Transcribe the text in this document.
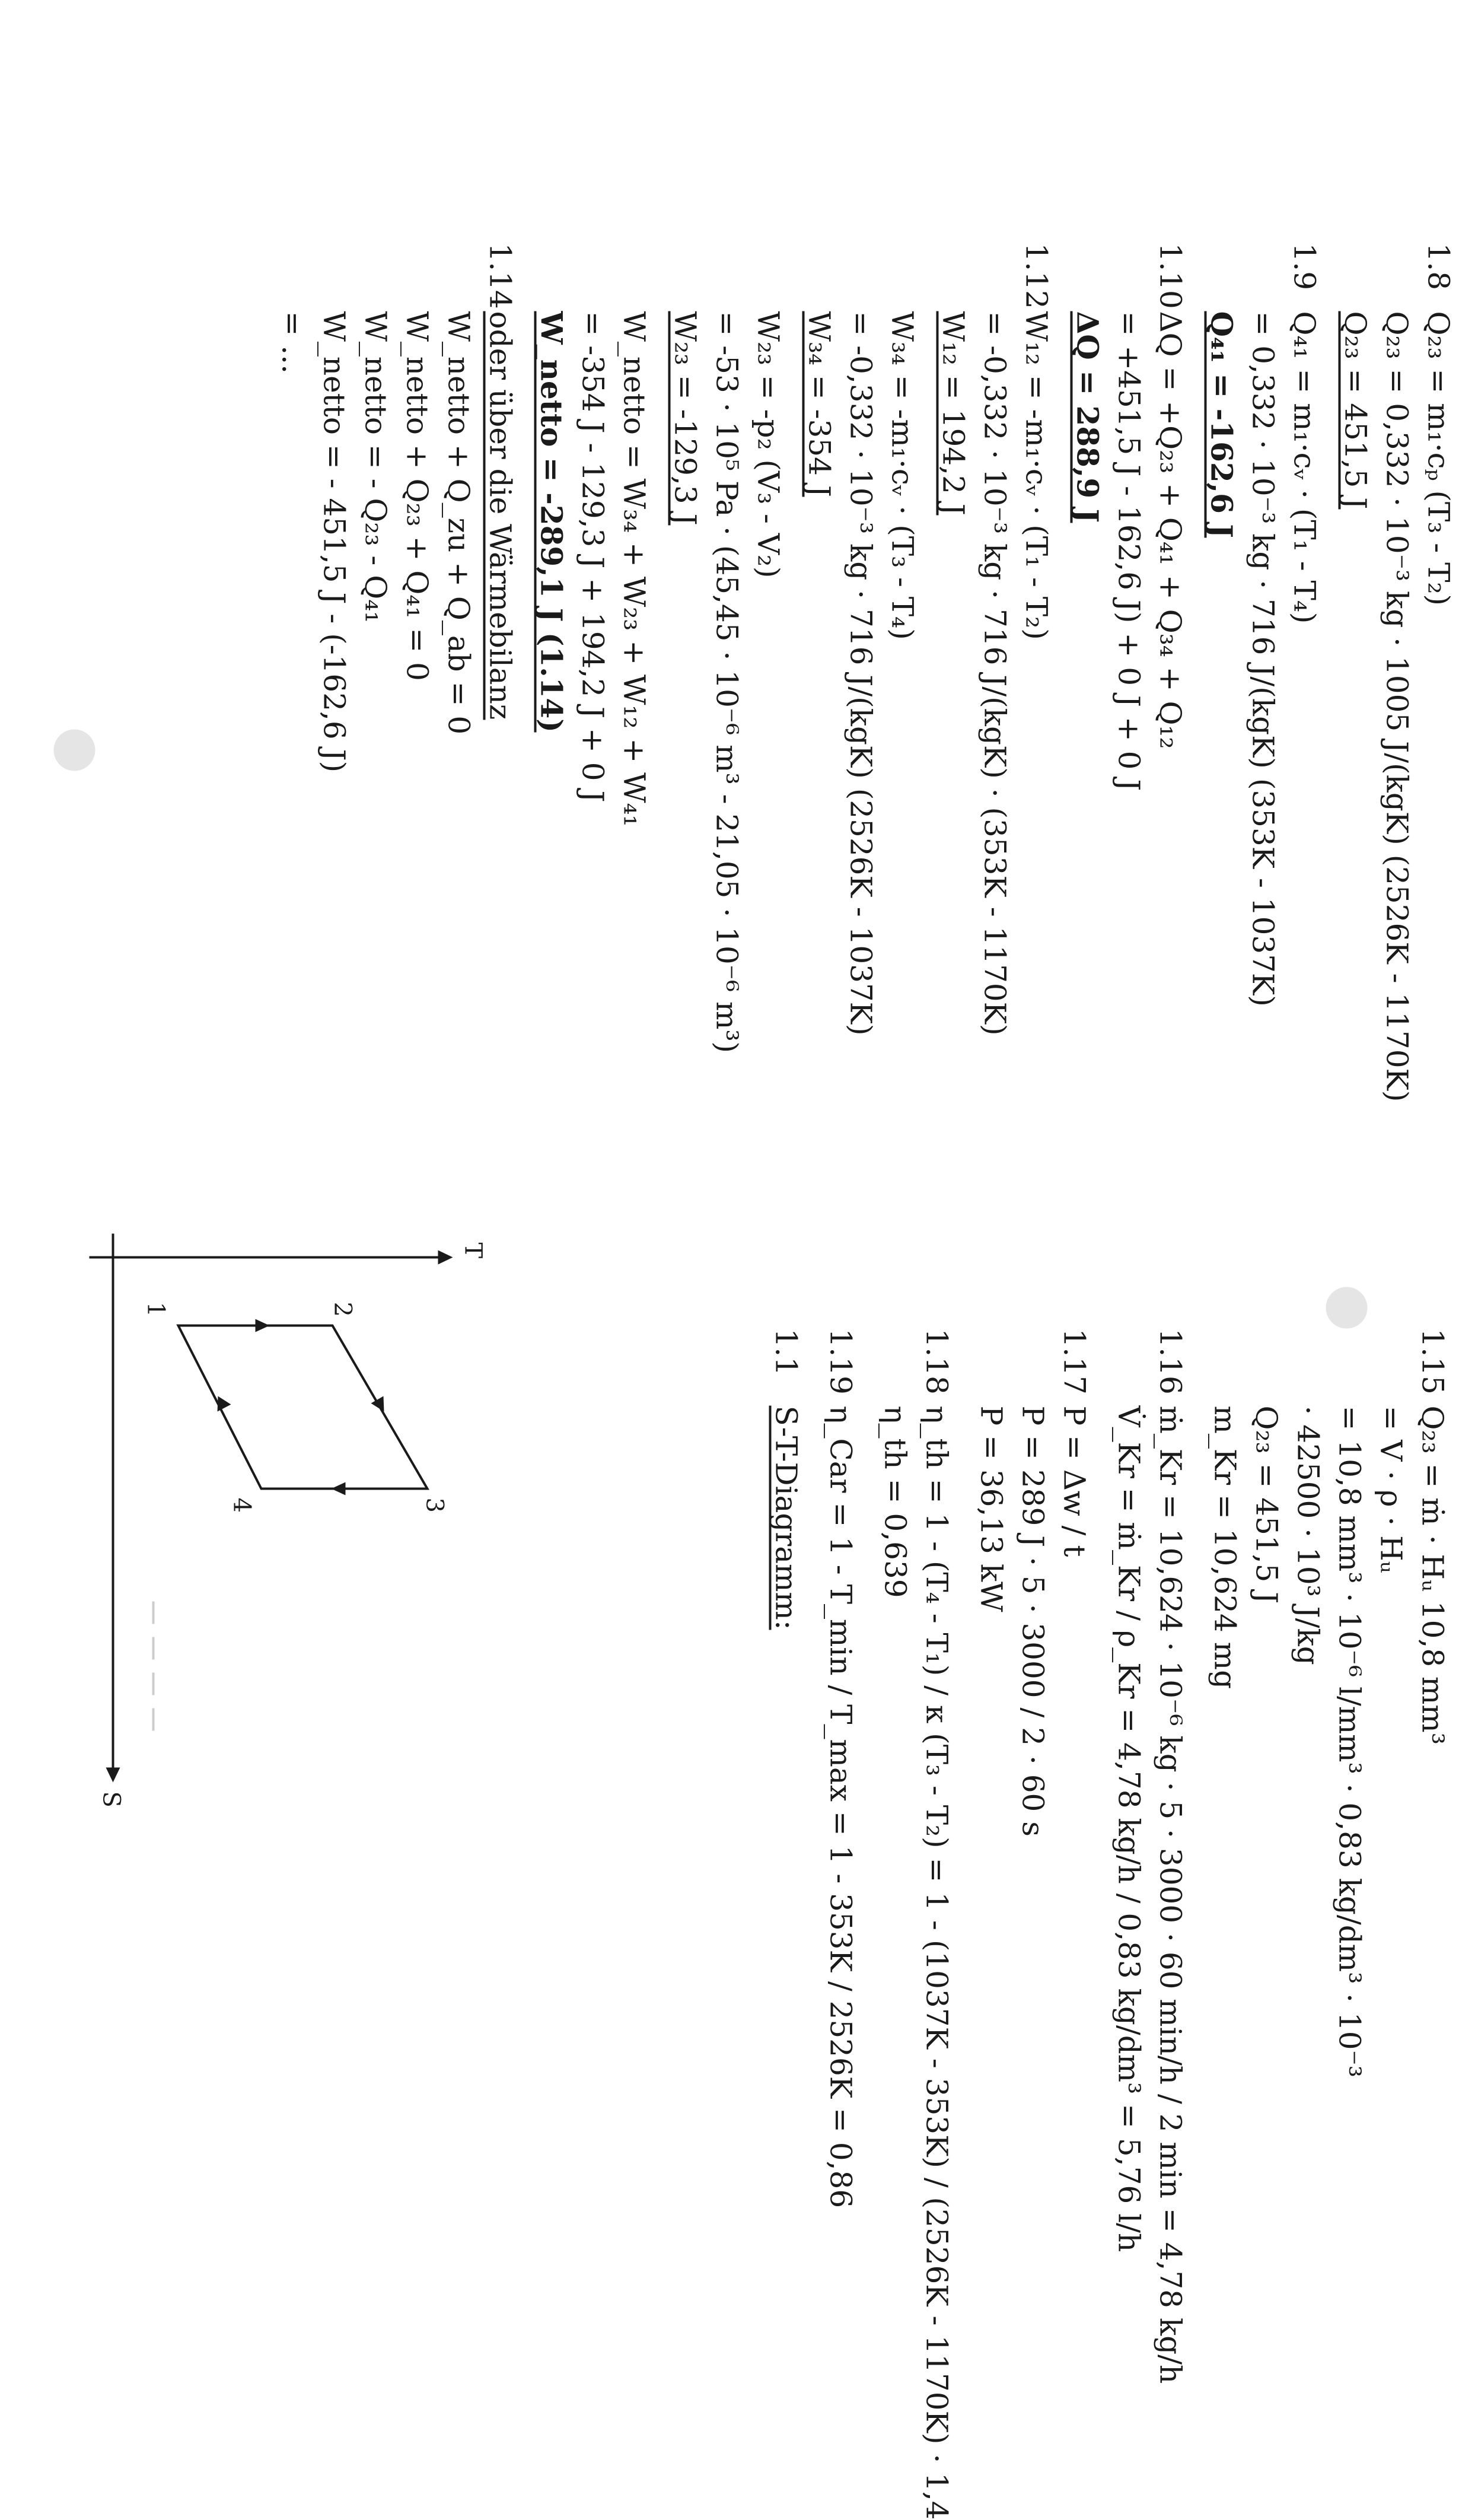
1.8
Q₂₃ = m₁·cₚ (T₃ - T₂)
Q₂₃ = 0,332 · 10⁻³ kg · 1005 J/(kgK) (2526K - 1170K)
Q₂₃ = 451,5 J
1.9
Q₄₁ = m₁·cᵥ · (T₁ - T₄)
= 0,332 · 10⁻³ kg · 716 J/(kgK) (353K - 1037K)
Q₄₁ = -162,6 J
1.10
ΔQ = +Q₂₃ + Q₄₁ + Q₃₄ + Q₁₂
= +451,5 J - 162,6 J) + 0 J + 0 J
ΔQ = 288,9 J
1.12
W₁₂ = -m₁·cᵥ · (T₁ - T₂)
= -0,332 · 10⁻³ kg · 716 J/(kgK) · (353K - 1170K)
W₁₂ = 194,2 J
W₃₄ = -m₁·cᵥ · (T₃ - T₄)
= -0,332 · 10⁻³ kg · 716 J/(kgK) (2526K - 1037K)
W₃₄ = -354 J
W₂₃ = -p₂ (V₃ - V₂)
= -53 · 10⁵ Pa · (45,45 · 10⁻⁶ m³ - 21,05 · 10⁻⁶ m³)
W₂₃ = -129,3 J
W_netto = W₃₄ + W₂₃ + W₁₂ + W₄₁
= -354 J - 129,3 J + 194,2 J + 0 J
W_netto = -289,1 J (1.14)
1.14
oder über die Wärmebilanz
W_netto + Q_zu + Q_ab = 0
W_netto + Q₂₃ + Q₄₁ = 0
W_netto = - Q₂₃ - Q₄₁
W_netto = - 451,5 J - (-162,6 J)
= ...
1.15
Q₂₃ = ṁ · Hᵤ 10,8 mm³
= V · ρ · Hᵤ
= 10,8 mm³ · 10⁻⁶ l/mm³ · 0,83 kg/dm³ · 10⁻³
· 42500 · 10³ J/kg
Q₂₃ = 451,5 J
m_Kr = 10,624 mg
1.16
ṁ_Kr = 10,624 · 10⁻⁶ kg · 5 · 3000 · 60 min/h / 2 min = 4,78 kg/h
V̇_Kr = ṁ_Kr / ρ_Kr = 4,78 kg/h / 0,83 kg/dm³ = 5,76 l/h
1.17
P = Δw / t
P = 289 J · 5 · 3000 / 2 · 60 s
P = 36,13 kW
1.18
η_th = 1 - (T₄ - T₁) / κ (T₃ - T₂) = 1 - (1037K - 353K) / (2526K - 1170K) · 1,4
η_th = 0,639
1.19
η_Car = 1 - T_min / T_max = 1 - 353K / 2526K = 0,86
1.1
S-T-Diagramm:
T
S
1	2
3
4
